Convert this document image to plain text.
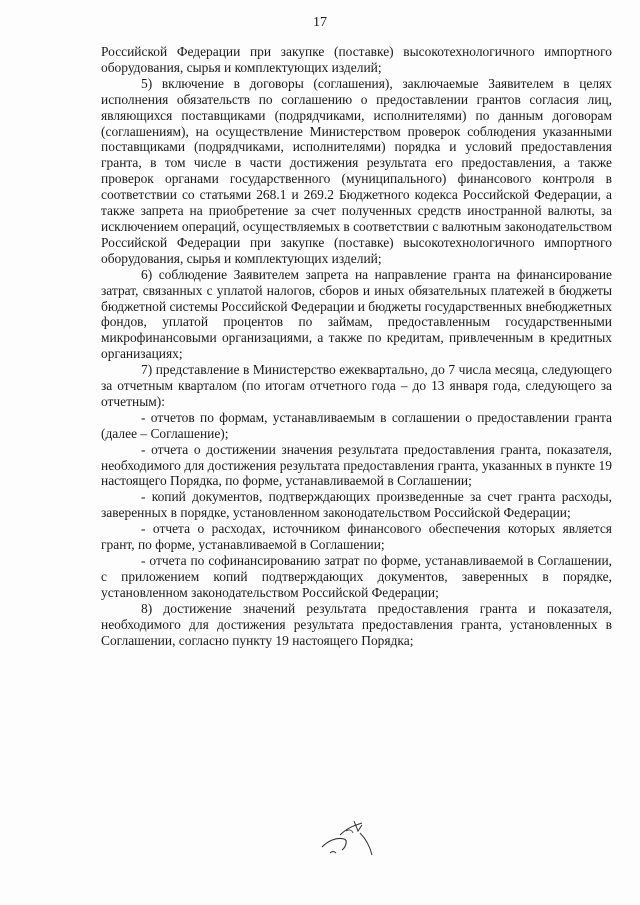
17

Российской Федерации при закупке (поставке) высокотехнологичного импортного оборудования, сырья и комплектующих изделий;

5) включение в договоры (соглашения), заключаемые Заявителем в целях исполнения обязательств по соглашению о предоставлении грантов согласия лиц, являющихся поставщиками (подрядчиками, исполнителями) по данным договорам (соглашениям), на осуществление Министерством проверок соблюдения указанными поставщиками (подрядчиками, исполнителями) порядка и условий предоставления гранта, в том числе в части достижения результата его предоставления, а также проверок органами государственного (муниципального) финансового контроля в соответствии со статьями 268.1 и 269.2 Бюджетного кодекса Российской Федерации, а также запрета на приобретение за счет полученных средств иностранной валюты, за исключением операций, осуществляемых в соответствии с валютным законодательством Российской Федерации при закупке (поставке) высокотехнологичного импортного оборудования, сырья и комплектующих изделий;

6) соблюдение Заявителем запрета на направление гранта на финансирование затрат, связанных с уплатой налогов, сборов и иных обязательных платежей в бюджеты бюджетной системы Российской Федерации и бюджеты государственных внебюджетных фондов, уплатой процентов по займам, предоставленным государственными микрофинансовыми организациями, а также по кредитам, привлеченным в кредитных организациях;

7) представление в Министерство ежеквартально, до 7 числа месяца, следующего за отчетным кварталом (по итогам отчетного года – до 13 января года, следующего за отчетным):

- отчетов по формам, устанавливаемым в соглашении о предоставлении гранта (далее – Соглашение);

- отчета о достижении значения результата предоставления гранта, показателя, необходимого для достижения результата предоставления гранта, указанных в пункте 19 настоящего Порядка, по форме, устанавливаемой в Соглашении;

- копий документов, подтверждающих произведенные за счет гранта расходы, заверенных в порядке, установленном законодательством Российской Федерации;

- отчета о расходах, источником финансового обеспечения которых является грант, по форме, устанавливаемой в Соглашении;

- отчета по софинансированию затрат по форме, устанавливаемой в Соглашении, с приложением копий подтверждающих документов, заверенных в порядке, установленном законодательством Российской Федерации;

8) достижение значений результата предоставления гранта и показателя, необходимого для достижения результата предоставления гранта, установленных в Соглашении, согласно пункту 19 настоящего Порядка;
